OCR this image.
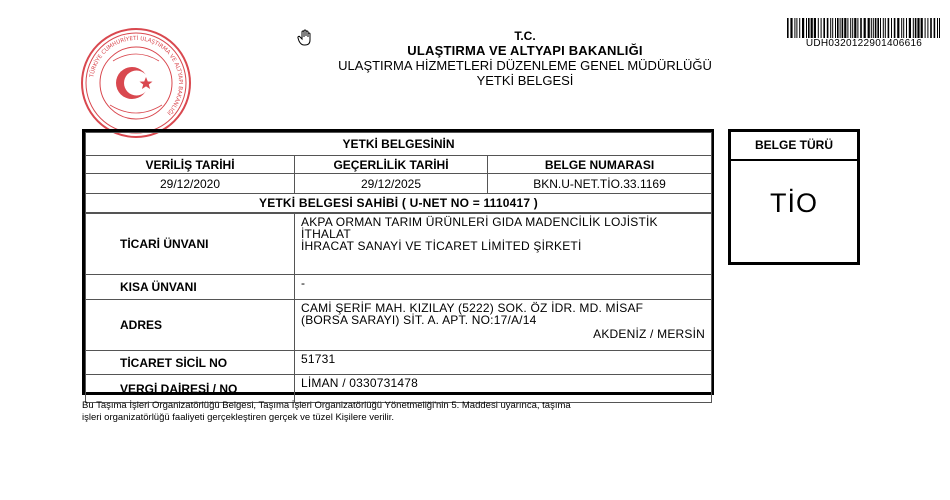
TÜRKİYE CUMHURİYETİ ULAŞTIRMA VE ALTYAPI BAKANLIĞI
T.C.
ULAŞTIRMA VE ALTYAPI BAKANLIĞI
ULAŞTIRMA HİZMETLERİ DÜZENLEME GENEL MÜDÜRLÜĞÜ
YETKİ BELGESİ
UDH0320122901406616
YETKİ BELGESİNİN		
VERİLİŞ TARİHİ	GEÇERLİLİK TARİHİ	BELGE NUMARASI
29/12/2020	29/12/2025	BKN.U-NET.TİO.33.1169
YETKİ BELGESİ SAHİBİ ( U-NET NO = 1110417 )		
TİCARİ ÜNVANI	AKPA ORMAN TARIM ÜRÜNLERİ GIDA MADENCİLİK LOJİSTİK İTHALAT
İHRACAT SANAYİ VE TİCARET LİMİTED ŞİRKETİ

KISA ÜNVANI	-
ADRES	CAMİ ŞERİF MAH. KIZILAY (5222) SOK. ÖZ İDR. MD. MİSAF
(BORSA SARAYI) SİT. A. APT. NO:17/A/14
AKDENİZ / MERSİN

TİCARET SİCİL NO	51731
VERGİ DAİRESİ / NO	LİMAN / 0330731478
BELGE TÜRÜ
TİO
Bu Taşıma İşleri Organizatörlüğü Belgesi, Taşıma İşleri Organizatörlüğü Yönetmeliği'nin 5. Maddesi uyarınca, taşıma
işleri organizatörlüğü faaliyeti gerçekleştiren gerçek ve tüzel Kişilere verilir.
